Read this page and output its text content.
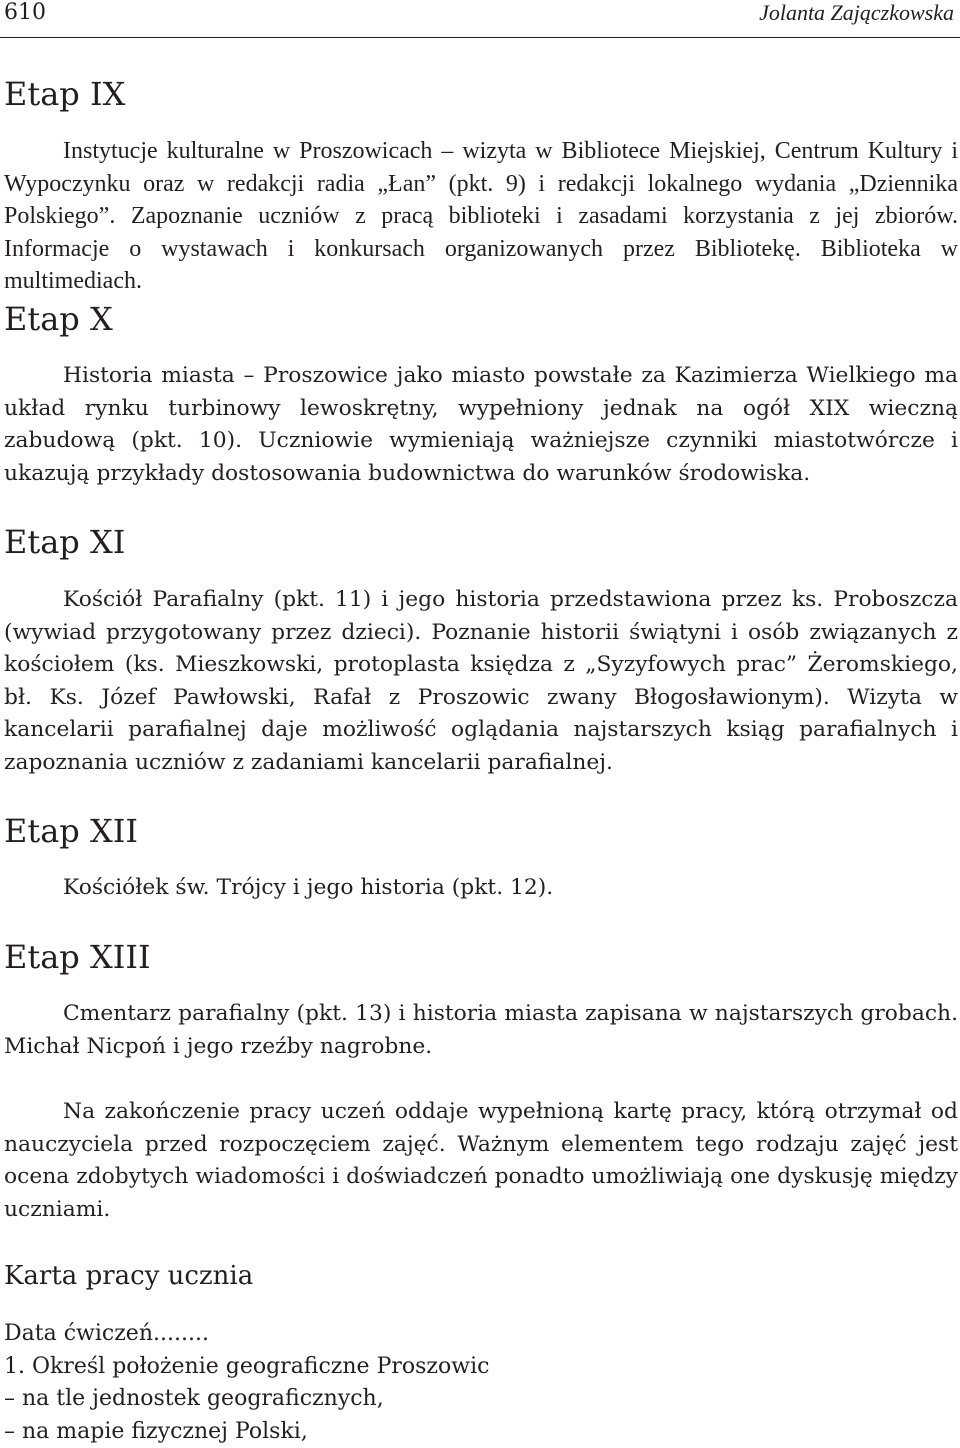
610	Jolanta Zajączkowska
Etap IX

Instytucje kulturalne w Proszowicach – wizyta w Bibliotece Miejskiej, Centrum Kultury i Wypoczynku oraz w redakcji radia „Łan” (pkt. 9) i redakcji lokalnego wydania „Dziennika Polskiego”. Zapoznanie uczniów z pracą biblioteki i zasadami korzystania z jej zbiorów. Informacje o wystawach i konkursach organizowanych przez Bibliotekę. Biblioteka w multimediach.

Etap X

Historia miasta – Proszowice jako miasto powstałe za Kazimierza Wielkiego ma układ rynku turbinowy lewoskrętny, wypełniony jednak na ogół XIX wieczną zabudową (pkt. 10). Uczniowie wymieniają ważniejsze czynniki miastotwórcze i ukazują przykłady dostosowania budownictwa do warunków środowiska.

Etap XI

Kościół Parafialny (pkt. 11) i jego historia przedstawiona przez ks. Proboszcza (wywiad przygotowany przez dzieci). Poznanie historii świątyni i osób związanych z kościołem (ks. Mieszkowski, protoplasta księdza z „Syzyfowych prac” Żeromskiego, bł. Ks. Józef Pawłowski, Rafał z Proszowic zwany Błogosławionym). Wizyta w kancelarii parafialnej daje możliwość oglądania najstarszych ksiąg parafialnych i zapoznania uczniów z zadaniami kancelarii parafialnej.

Etap XII

Kościółek św. Trójcy i jego historia (pkt. 12).

Etap XIII

Cmentarz parafialny (pkt. 13) i historia miasta zapisana w najstarszych grobach. Michał Nicpoń i jego rzeźby nagrobne.

Na zakończenie pracy uczeń oddaje wypełnioną kartę pracy, którą otrzymał od nauczyciela przed rozpoczęciem zajęć. Ważnym elementem tego rodzaju zajęć jest ocena zdobytych wiadomości i doświadczeń ponadto umożliwiają one dyskusję między uczniami.

Karta pracy ucznia

Data ćwiczeń........

1. Określ położenie geograficzne Proszowic

– na tle jednostek geograficznych,

– na mapie fizycznej Polski,
